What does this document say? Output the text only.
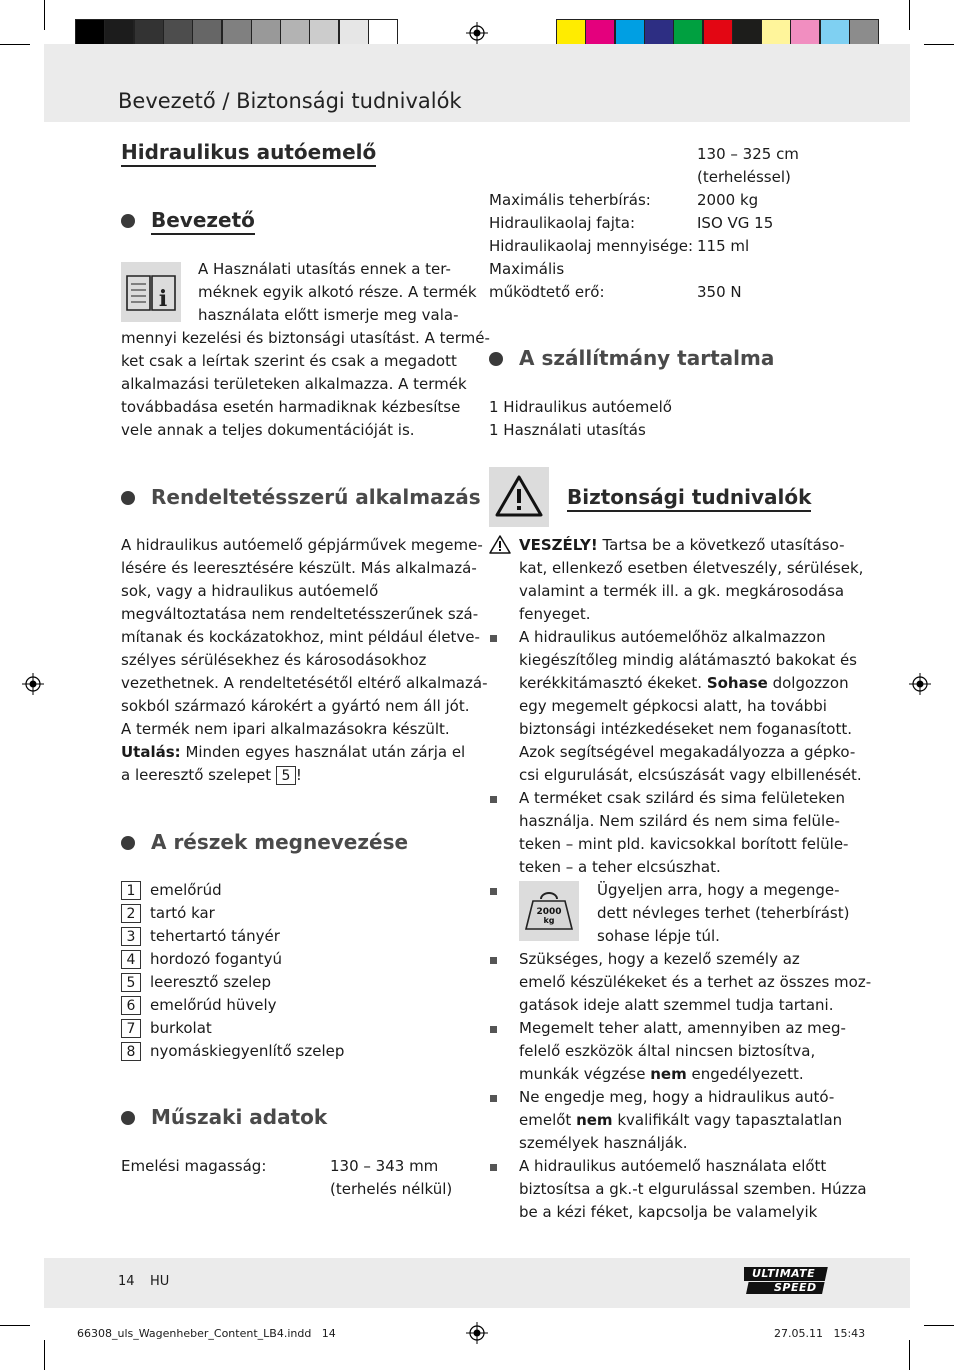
Bevezető / Biztonsági tudnivalók
Hidraulikus autóemelő
Bevezető
i
A Használati utasítás ennek a ter-
méknek egyik alkotó része. A termék
használata előtt ismerje meg vala-
mennyi kezelési és biztonsági utasítást. A termé-
ket csak a leírtak szerint és csak a megadott
alkalmazási területeken alkalmazza. A termék
továbbadása esetén harmadiknak kézbesítse
vele annak a teljes dokumentációját is.
Rendeltetésszerű alkalmazás
A hidraulikus autóemelő gépjárművek megeme-
lésére és leeresztésére készült. Más alkalmazá-
sok, vagy a hidraulikus autóemelő
megváltoztatása nem rendeltetésszerűnek szá-
mítanak és kockázatokhoz, mint például életve-
szélyes sérülésekhez és károsodásokhoz
vezethetnek. A rendeltetésétől eltérő alkalmazá-
sokból származó károkért a gyártó nem áll jót.
A termék nem ipari alkalmazásokra készült.
Utalás: Minden egyes használat után zárja el
a leeresztő szelepet 5 !
A részek megnevezése
1 emelőrúd
2 tartó kar
3 tehertartó tányér
4 hordozó fogantyú
5 leeresztő szelep
6 emelőrúd hüvely
7 burkolat
8 nyomáskiegyenlítő szelep
Műszaki adatok
Emelési magasság:	130 – 343 mm
(terhelés nélkül)
130 – 325 cm
(terheléssel)
Maximális teherbírás:	2000 kg
Hidraulikaolaj fajta:	ISO VG 15
Hidraulikaolaj mennyisége: 115 ml
Maximális
működtető erő:	350 N
A szállítmány tartalma
1 Hidraulikus autóemelő
1 Használati utasítás
Biztonsági tudnivalók
VESZÉLY! Tartsa be a következő utasításo-
kat, ellenkező esetben életveszély, sérülések,
valamint a termék ill. a gk. megkárosodása
fenyeget.
A hidraulikus autóemelőhöz alkalmazzon
kiegészítőleg mindig alátámasztó bakokat és
kerékkitámasztó ékeket. Sohase dolgozzon
egy megemelt gépkocsi alatt, ha további
biztonsági intézkedéseket nem foganasított.
Azok segítségével megakadályozza a gépko-
csi elgurulását, elcsúszását vagy elbillenését.
A terméket csak szilárd és sima felületeken
használja. Nem szilárd és nem sima felüle-
teken – mint pld. kavicsokkal borított felüle-
teken – a teher elcsúszhat.
Ügyeljen arra, hogy a megenge-
dett névleges terhet (teherbírást)
sohase lépje túl.
Szükséges, hogy a kezelő személy az
emelő készülékeket és a terhet az összes moz-
gatások ideje alatt szemmel tudja tartani.
Megemelt teher alatt, amennyiben az meg-
felelő eszközök által nincsen biztosítva,
munkák végzése nem engedélyezett.
Ne engedje meg, hogy a hidraulikus autó-
emelőt nem kvalifikált vagy tapasztalatlan
személyek használják.
A hidraulikus autóemelő használata előtt
biztosítsa a gk.-t elgurulással szemben. Húzza
be a kézi féket, kapcsolja be valamelyik
2000
kg
14 HU
ULTIMATE
SPEED
66308_uls_Wagenheber_Content_LB4.indd   14	27.05.11   15:43
